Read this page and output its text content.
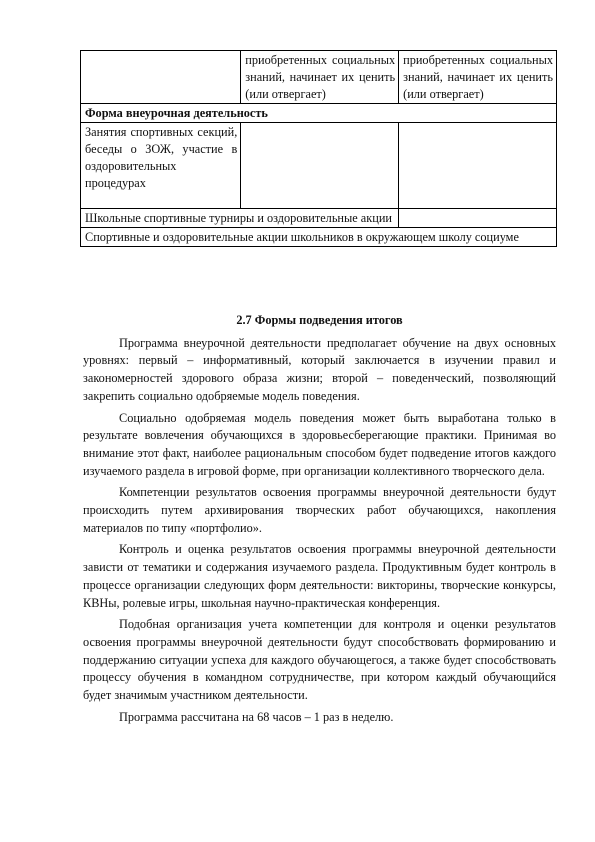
	приобретенных социальных знаний, начинает их ценить (или отвергает)	приобретенных социальных знаний, начинает их ценить (или отвергает)
Форма внеурочная деятельность		
Занятия спортивных секций, беседы о ЗОЖ, участие в оздоровительных процедурах		
Школьные спортивные турниры и оздоровительные акции		
Спортивные и оздоровительные акции школьников в окружающем школу социуме		
2.7 Формы подведения итогов

Программа внеурочной деятельности предполагает обучение на двух основных уровнях: первый – информативный, который заключается в изучении правил и закономерностей здорового образа жизни; второй – поведенческий, позволяющий закрепить социально одобряемые модель поведения.

Социально одобряемая модель поведения может быть выработана только в результате вовлечения обучающихся в здоровьесберегающие практики. Принимая во внимание этот факт, наиболее рациональным способом будет подведение итогов каждого изучаемого раздела в игровой форме, при организации коллективного творческого дела.

Компетенции результатов освоения программы внеурочной деятельности будут происходить путем архивирования творческих работ обучающихся, накопления материалов по типу «портфолио».

Контроль и оценка результатов освоения программы внеурочной деятельности зависти от тематики и содержания изучаемого раздела. Продуктивным будет контроль в процессе организации следующих форм деятельности: викторины, творческие конкурсы, КВНы, ролевые игры, школьная научно-практическая конференция.

Подобная организация учета компетенции для контроля и оценки результатов освоения программы внеурочной деятельности будут способствовать формированию и поддержанию ситуации успеха для каждого обучающегося, а также будет способствовать процессу обучения в командном сотрудничестве, при котором каждый обучающийся будет значимым участником деятельности.

Программа рассчитана на 68 часов – 1 раз в неделю.
